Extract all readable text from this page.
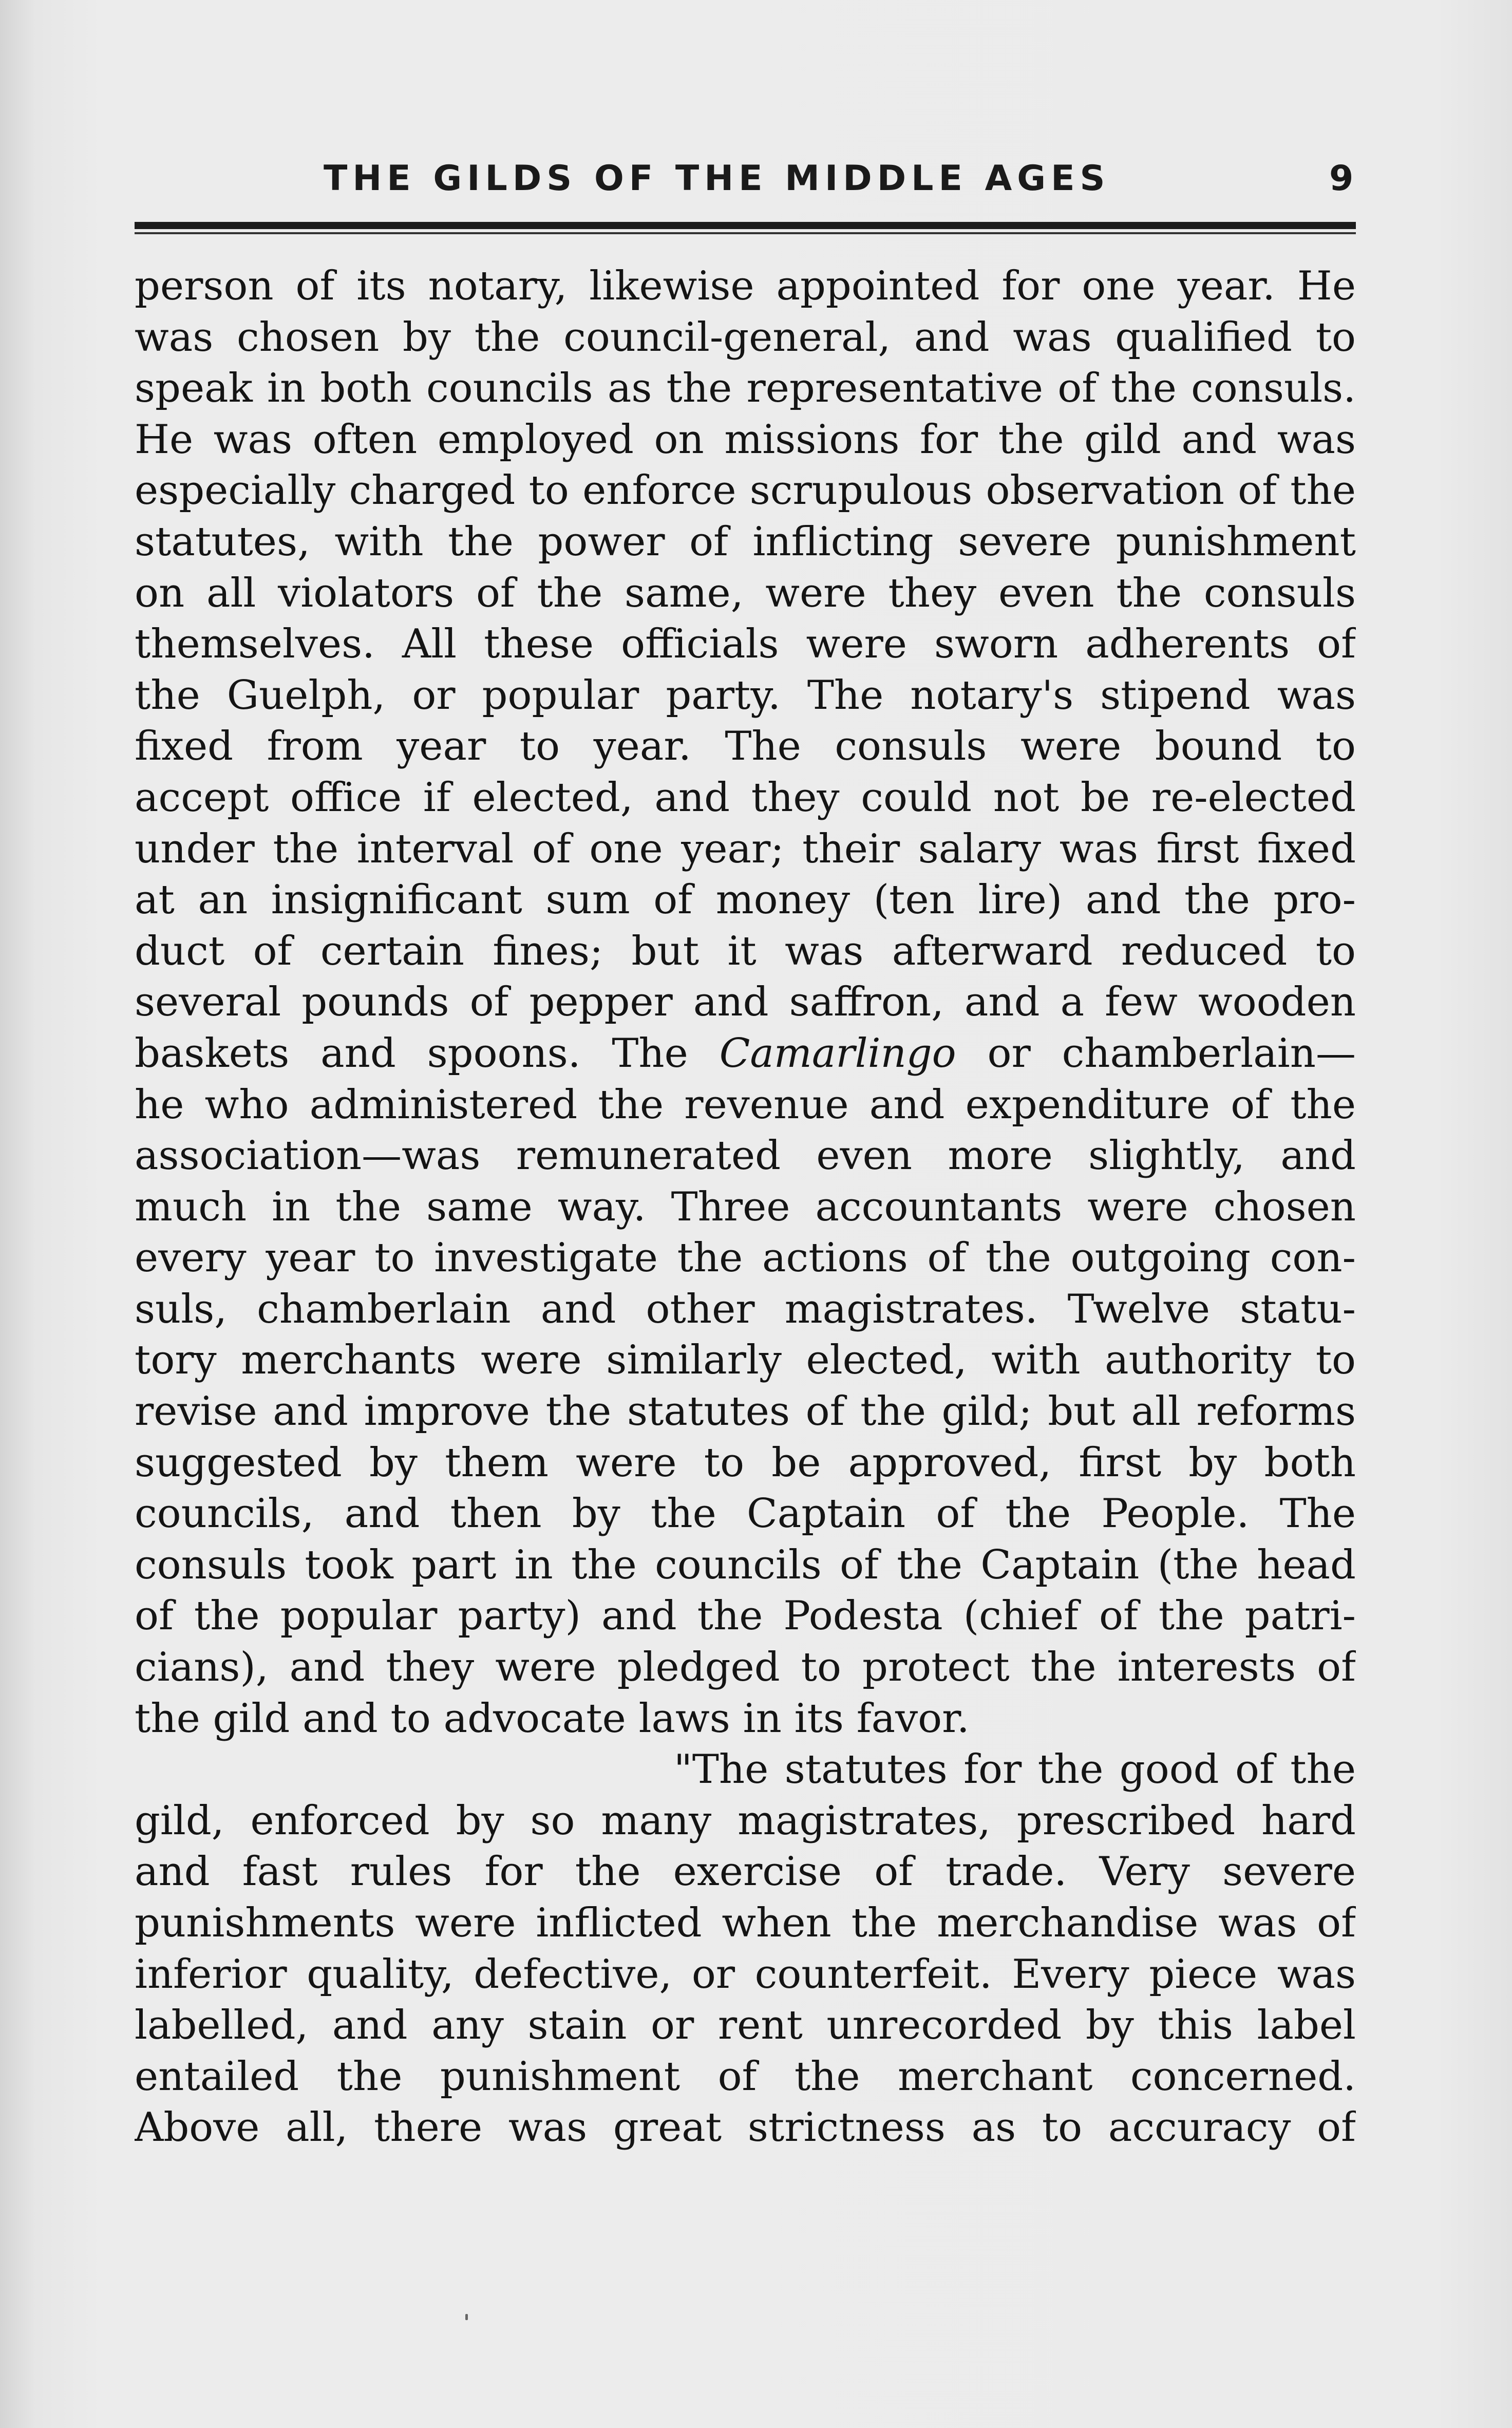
THE GILDS OF THE MIDDLE AGES	9
person of its notary, likewise appointed for one year. He
was chosen by the council-general, and was qualified to
speak in both councils as the representative of the consuls.
He was often employed on missions for the gild and was
especially charged to enforce scrupulous observation of the
statutes, with the power of inflicting severe punishment
on all violators of the same, were they even the consuls
themselves. All these officials were sworn adherents of
the Guelph, or popular party. The notary's stipend was
fixed from year to year. The consuls were bound to
accept office if elected, and they could not be re-elected
under the interval of one year; their salary was first fixed
at an insignificant sum of money (ten lire) and the pro-
duct of certain fines; but it was afterward reduced to
several pounds of pepper and saffron, and a few wooden
baskets and spoons. The Camarlingo or chamberlain—
he who administered the revenue and expenditure of the
association—was remunerated even more slightly, and
much in the same way. Three accountants were chosen
every year to investigate the actions of the outgoing con-
suls, chamberlain and other magistrates. Twelve statu-
tory merchants were similarly elected, with authority to
revise and improve the statutes of the gild; but all reforms
suggested by them were to be approved, first by both
councils, and then by the Captain of the People. The
consuls took part in the councils of the Captain (the head
of the popular party) and the Podesta (chief of the patri-
cians), and they were pledged to protect the interests of
the gild and to advocate laws in its favor.
"The statutes for the good of the
gild, enforced by so many magistrates, prescribed hard
and fast rules for the exercise of trade. Very severe
punishments were inflicted when the merchandise was of
inferior quality, defective, or counterfeit. Every piece was
labelled, and any stain or rent unrecorded by this label
entailed the punishment of the merchant concerned.
Above all, there was great strictness as to accuracy of
